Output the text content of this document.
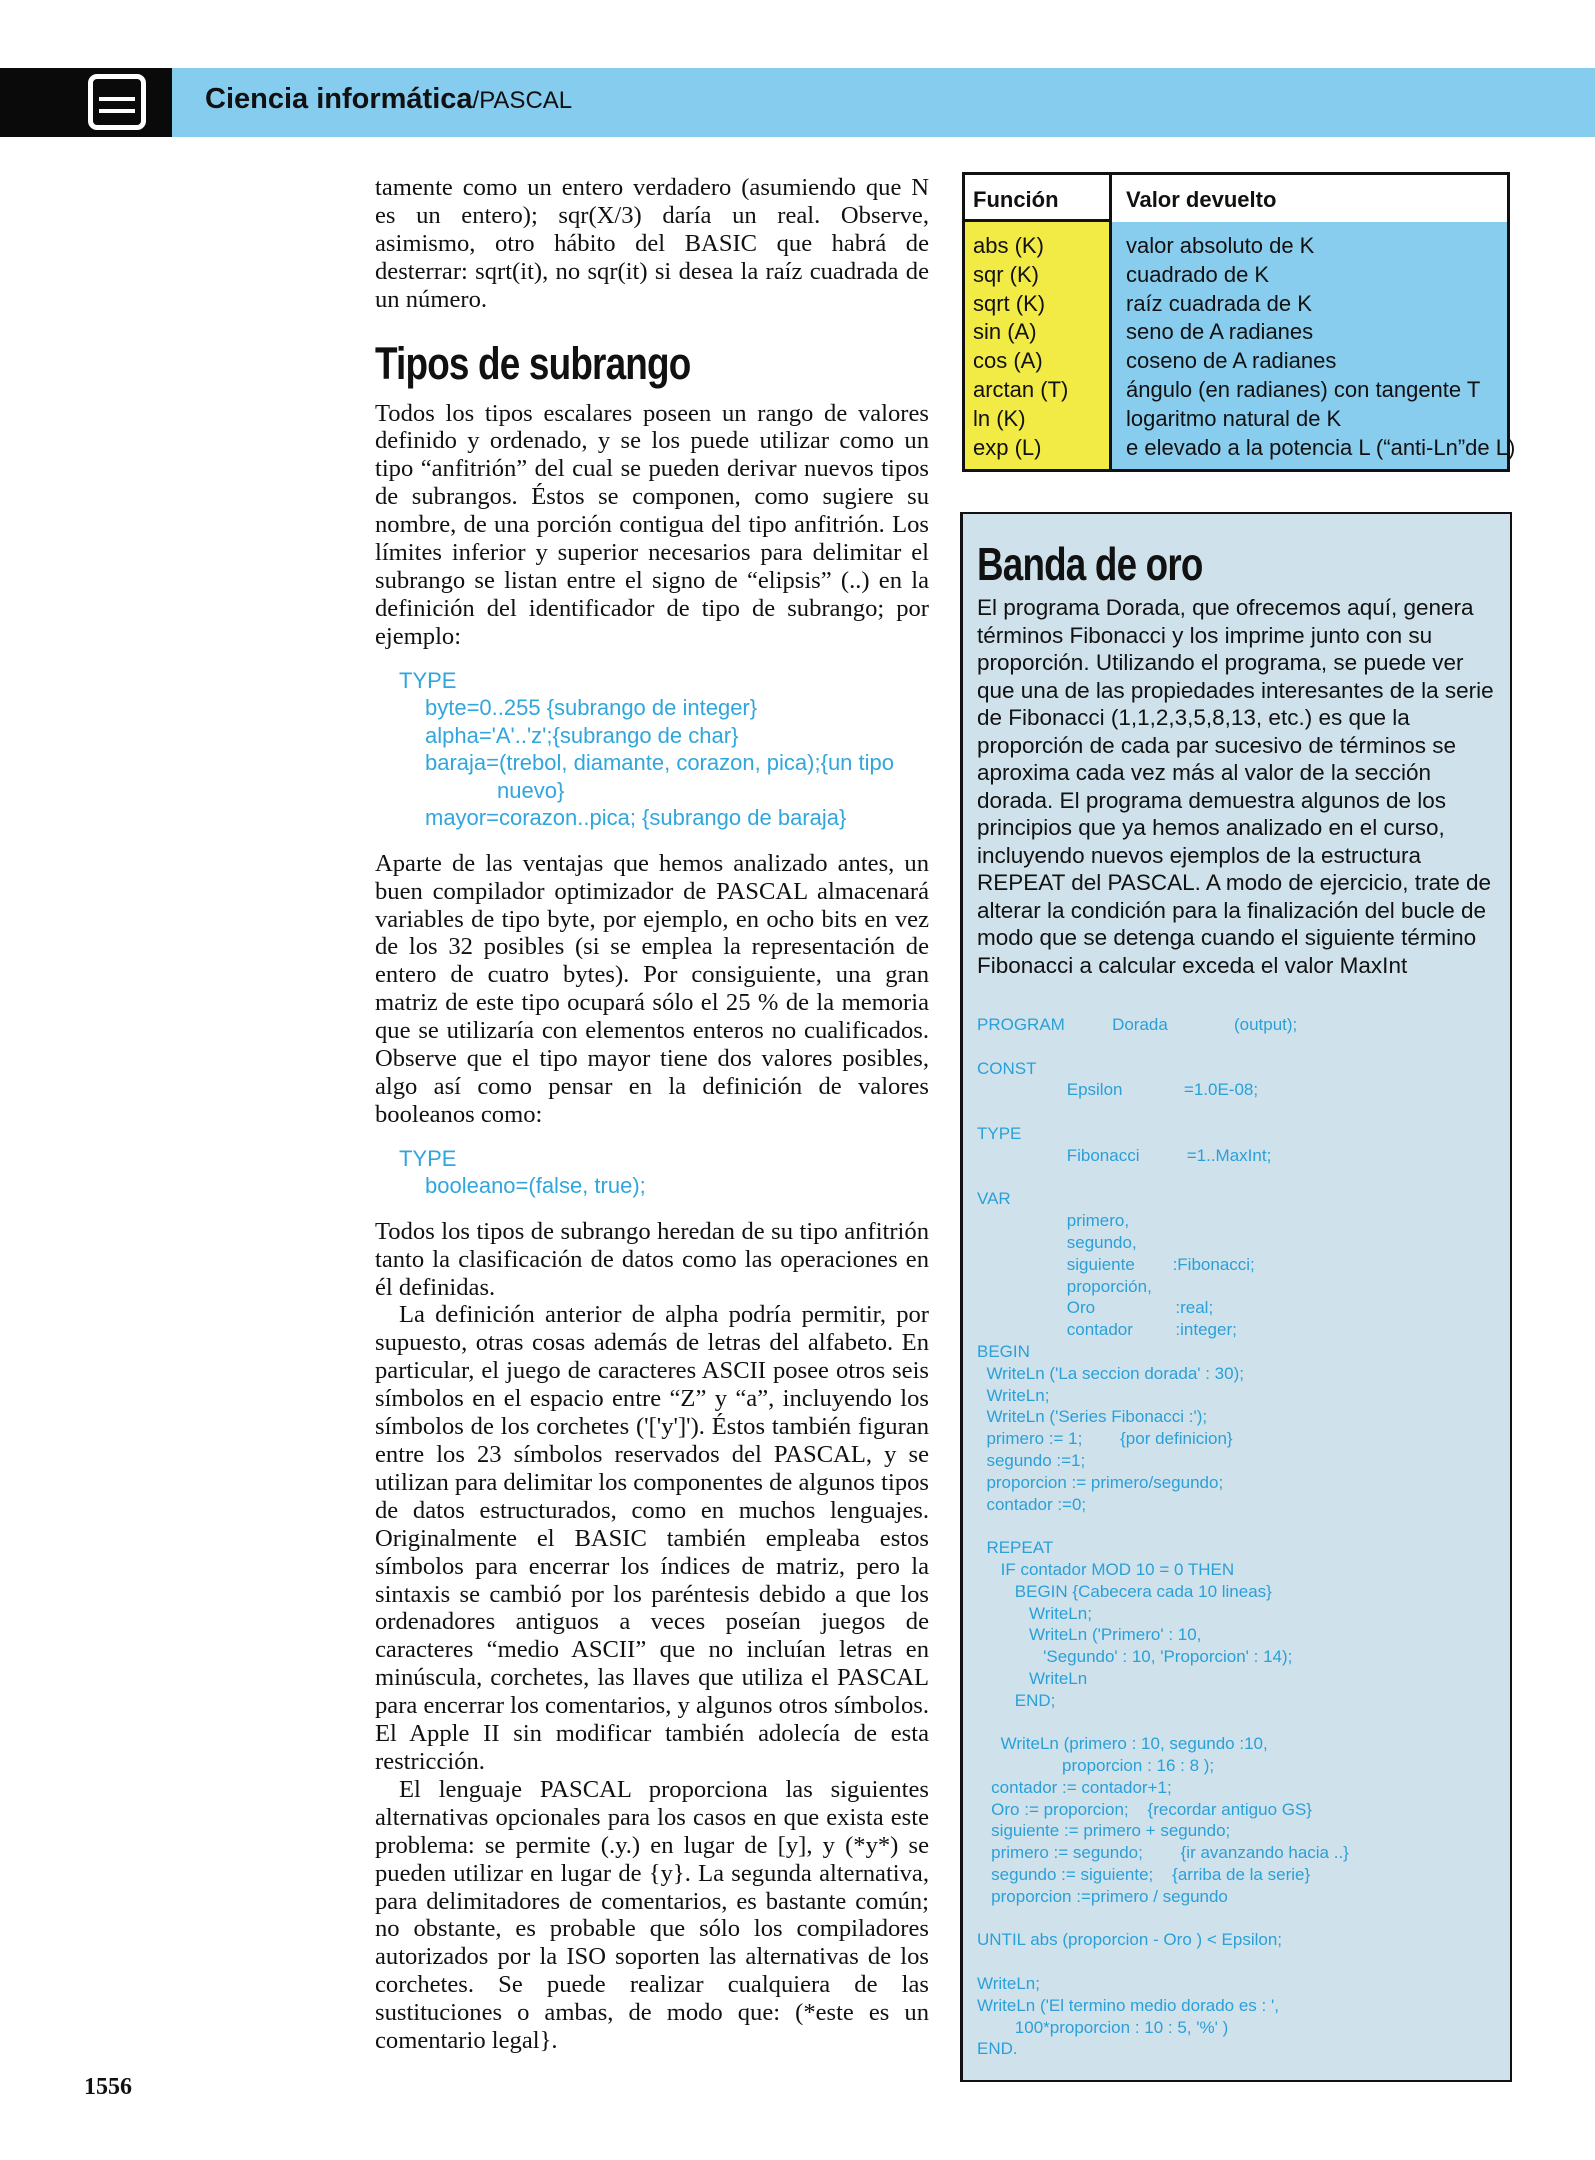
Ciencia informática/PASCAL

tamente como un entero verdadero (asumiendo que N es un entero); sqr(X/3) daría un real. Observe, asimismo, otro hábito del BASIC que habrá de desterrar: sqrt(it), no sqr(it) si desea la raíz cuadrada de un número.

Tipos de subrango

Todos los tipos escalares poseen un rango de valores definido y ordenado, y se los puede utilizar como un tipo “anfitrión” del cual se pueden derivar nuevos tipos de subrangos. Éstos se componen, como sugiere su nombre, de una porción contigua del tipo anfitrión. Los límites inferior y superior necesarios para delimitar el subrango se listan entre el signo de “elipsis” (..) en la definición del identificador de tipo de subrango; por ejemplo:

TYPE
byte=0..255 {subrango de integer}
alpha='A'..'z';{subrango de char}
baraja=(trebol, diamante, corazon, pica);{un tipo
nuevo}
mayor=corazon..pica; {subrango de baraja}

Aparte de las ventajas que hemos analizado antes, un buen compilador optimizador de PASCAL almacenará variables de tipo byte, por ejemplo, en ocho bits en vez de los 32 posibles (si se emplea la representación de entero de cuatro bytes). Por consiguiente, una gran matriz de este tipo ocupará sólo el 25 % de la memoria que se utilizaría con elementos enteros no cualificados. Observe que el tipo mayor tiene dos valores posibles, algo así como pensar en la definición de valores booleanos como:

TYPE
booleano=(false, true);

Todos los tipos de subrango heredan de su tipo anfitrión tanto la clasificación de datos como las operaciones en él definidas.

La definición anterior de alpha podría permitir, por supuesto, otras cosas además de letras del alfabeto. En particular, el juego de caracteres ASCII posee otros seis símbolos en el espacio entre “Z” y “a”, incluyendo los símbolos de los corchetes ('['y']'). Éstos también figuran entre los 23 símbolos reservados del PASCAL, y se utilizan para delimitar los componentes de algunos tipos de datos estructurados, como en muchos lenguajes. Originalmente el BASIC también empleaba estos símbolos para encerrar los índices de matriz, pero la sintaxis se cambió por los paréntesis debido a que los ordenadores antiguos a veces poseían juegos de caracteres “medio ASCII” que no incluían letras en minúscula, corchetes, las llaves que utiliza el PASCAL para encerrar los comentarios, y algunos otros símbolos. El Apple II sin modificar también adolecía de esta restricción.

El lenguaje PASCAL proporciona las siguientes alternativas opcionales para los casos en que exista este problema: se permite (.y.) en lugar de [y], y (*y*) se pueden utilizar en lugar de {y}. La segunda alternativa, para delimitadores de comentarios, es bastante común; no obstante, es probable que sólo los compiladores autorizados por la ISO soporten las alternativas de los corchetes. Se puede realizar cualquiera de las sustituciones o ambas, de modo que: (*este es un comentario legal}.

Función	Valor devuelto
abs (K)
sqr (K)
sqrt (K)
sin (A)
cos (A)
arctan (T)
ln (K)
exp (L)
valor absoluto de K
cuadrado de K
raíz cuadrada de K
seno de A radianes
coseno de A radianes
ángulo (en radianes) con tangente T
logaritmo natural de K
e elevado a la potencia L (“anti-Ln”de L)
Banda de oro
El programa Dorada, que ofrecemos aquí, genera términos Fibonacci y los imprime junto con su proporción. Utilizando el programa, se puede ver que una de las propiedades interesantes de la serie de Fibonacci (1,1,2,3,5,8,13, etc.) es que la proporción de cada par sucesivo de términos se aproxima cada vez más al valor de la sección dorada. El programa demuestra algunos de los principios que ya hemos analizado en el curso, incluyendo nuevos ejemplos de la estructura REPEAT del PASCAL. A modo de ejercicio, trate de alterar la condición para la finalización del bucle de modo que se detenga cuando el siguiente término Fibonacci a calcular exceda el valor MaxInt
PROGRAM          Dorada              (output);

CONST
Epsilon             =1.0E-08;

TYPE
Fibonacci          =1..MaxInt;

VAR
primero,
segundo,
siguiente        :Fibonacci;
proporción,
Oro                 :real;
contador         :integer;
BEGIN
WriteLn ('La seccion dorada' : 30);
WriteLn;
WriteLn ('Series Fibonacci :');
primero := 1;        {por definicion}
segundo :=1;
proporcion := primero/segundo;
contador :=0;

REPEAT
IF contador MOD 10 = 0 THEN
BEGIN {Cabecera cada 10 lineas}
WriteLn;
WriteLn ('Primero' : 10,
'Segundo' : 10, 'Proporcion' : 14);
WriteLn
END;

WriteLn (primero : 10, segundo :10,
proporcion : 16 : 8 );
contador := contador+1;
Oro := proporcion;    {recordar antiguo GS}
siguiente := primero + segundo;
primero := segundo;        {ir avanzando hacia ..}
segundo := siguiente;    {arriba de la serie}
proporcion :=primero / segundo

UNTIL abs (proporcion - Oro ) < Epsilon;

WriteLn;
WriteLn ('El termino medio dorado es : ',
100*proporcion : 10 : 5, '%' )
END.
1556
